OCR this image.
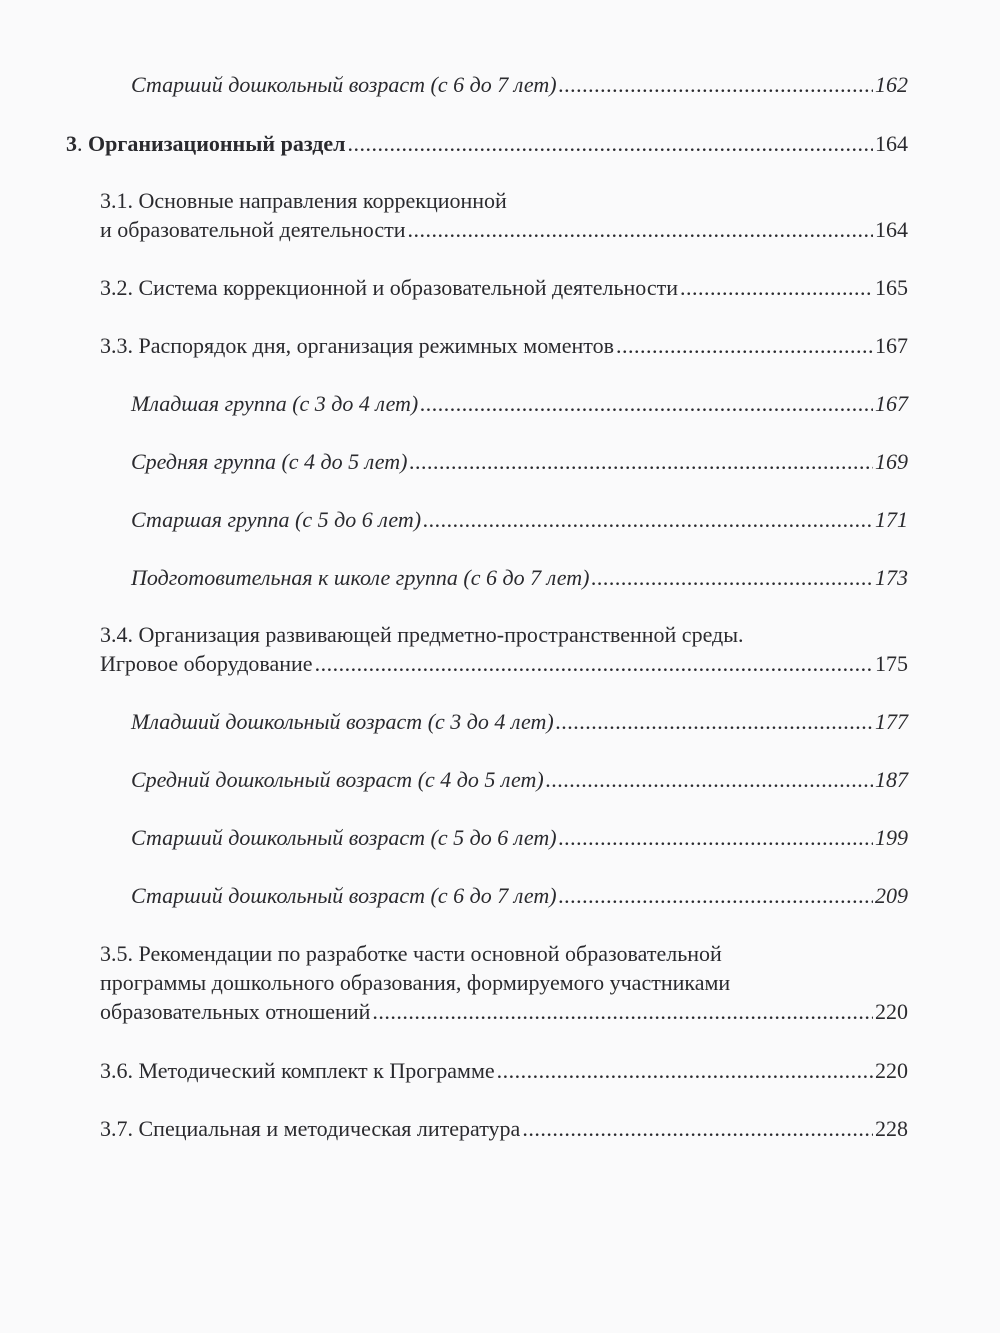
Старший дошкольный возраст (с 6 до 7 лет) .....	162
3. Организационный раздел .....	164
3.1. Основные направления коррекционной
и образовательной деятельности .....	164
3.2. Система коррекционной и образовательной деятельности .....	165
3.3. Распорядок дня, организация режимных моментов .....	167
Младшая группа (с 3 до 4 лет) .....	167
Средняя группа (с 4 до 5 лет) .....	169
Старшая группа (с 5 до 6 лет) .....	171
Подготовительная к школе группа (с 6 до 7 лет) .....	173
3.4. Организация развивающей предметно-пространственной среды.
Игровое оборудование .....	175
Младший дошкольный возраст (с 3 до 4 лет) .....	177
Средний дошкольный возраст (с 4 до 5 лет) .....	187
Старший дошкольный возраст (с 5 до 6 лет) .....	199
Старший дошкольный возраст (с 6 до 7 лет) .....	209
3.5. Рекомендации по разработке части основной образовательной
программы дошкольного образования, формируемого участниками
образовательных отношений .....	220
3.6. Методический комплект к Программе .....	220
3.7. Специальная и методическая литература .....	228
